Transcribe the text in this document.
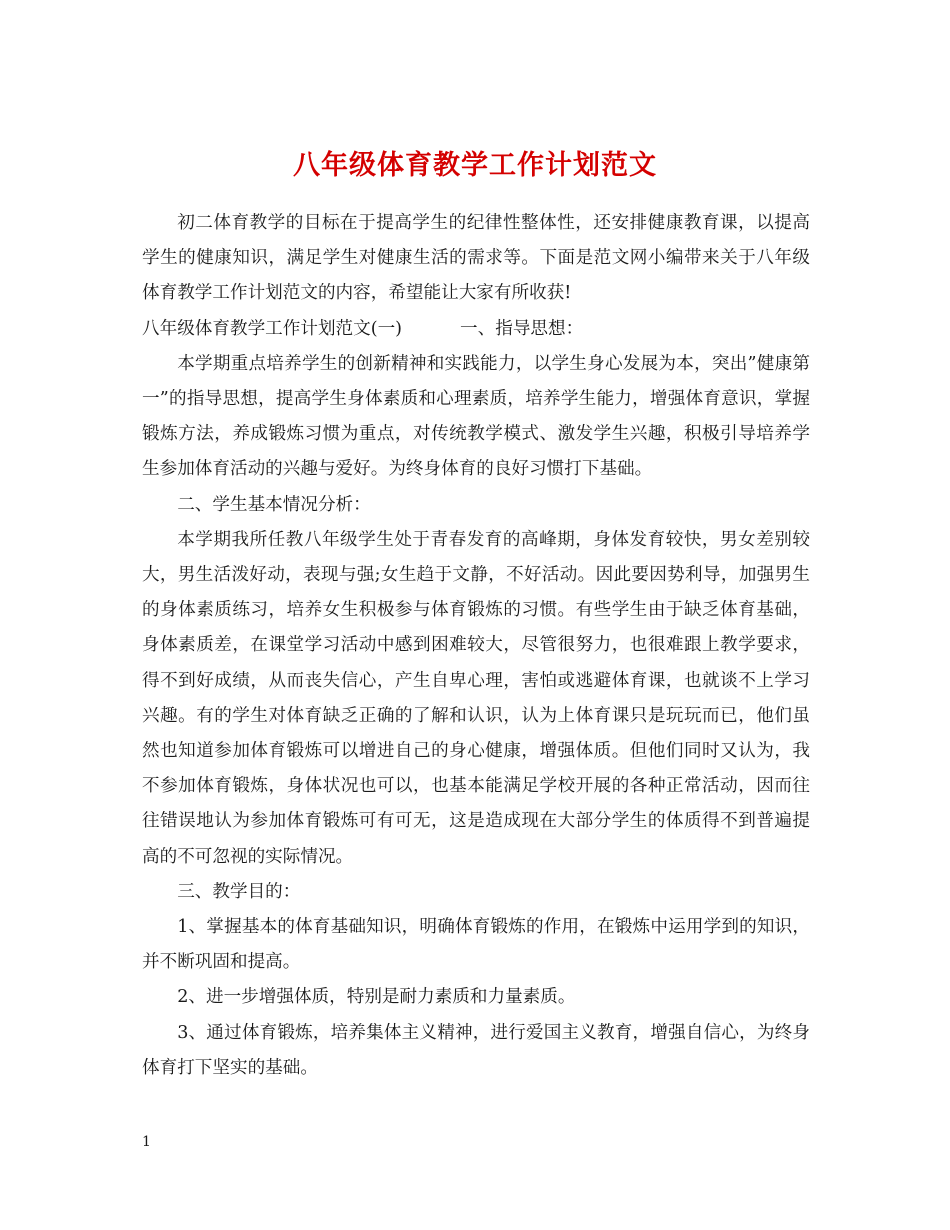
八年级体育教学工作计划范文

初二体育教学的目标在于提高学生的纪律性整体性，还安排健康教育课，以提高学生的健康知识，满足学生对健康生活的需求等。下面是范文网小编带来关于八年级体育教学工作计划范文的内容，希望能让大家有所收获!

八年级体育教学工作计划范文(一)	一、指导思想：

本学期重点培养学生的创新精神和实践能力，以学生身心发展为本，突出”健康第一”的指导思想，提高学生身体素质和心理素质，培养学生能力，增强体育意识，掌握锻炼方法，养成锻炼习惯为重点，对传统教学模式、激发学生兴趣，积极引导培养学生参加体育活动的兴趣与爱好。为终身体育的良好习惯打下基础。

二、学生基本情况分析：

本学期我所任教八年级学生处于青春发育的高峰期，身体发育较快，男女差别较大，男生活泼好动，表现与强;女生趋于文静，不好活动。因此要因势利导，加强男生的身体素质练习，培养女生积极参与体育锻炼的习惯。有些学生由于缺乏体育基础，身体素质差，在课堂学习活动中感到困难较大，尽管很努力，也很难跟上教学要求，得不到好成绩，从而丧失信心，产生自卑心理，害怕或逃避体育课，也就谈不上学习兴趣。有的学生对体育缺乏正确的了解和认识，认为上体育课只是玩玩而已，他们虽然也知道参加体育锻炼可以增进自己的身心健康，增强体质。但他们同时又认为，我不参加体育锻炼，身体状况也可以，也基本能满足学校开展的各种正常活动，因而往往错误地认为参加体育锻炼可有可无，这是造成现在大部分学生的体质得不到普遍提高的不可忽视的实际情况。

三、教学目的：

1、掌握基本的体育基础知识，明确体育锻炼的作用，在锻炼中运用学到的知识，并不断巩固和提高。

2、进一步增强体质，特别是耐力素质和力量素质。

3、通过体育锻炼，培养集体主义精神，进行爱国主义教育，增强自信心，为终身体育打下坚实的基础。

1
